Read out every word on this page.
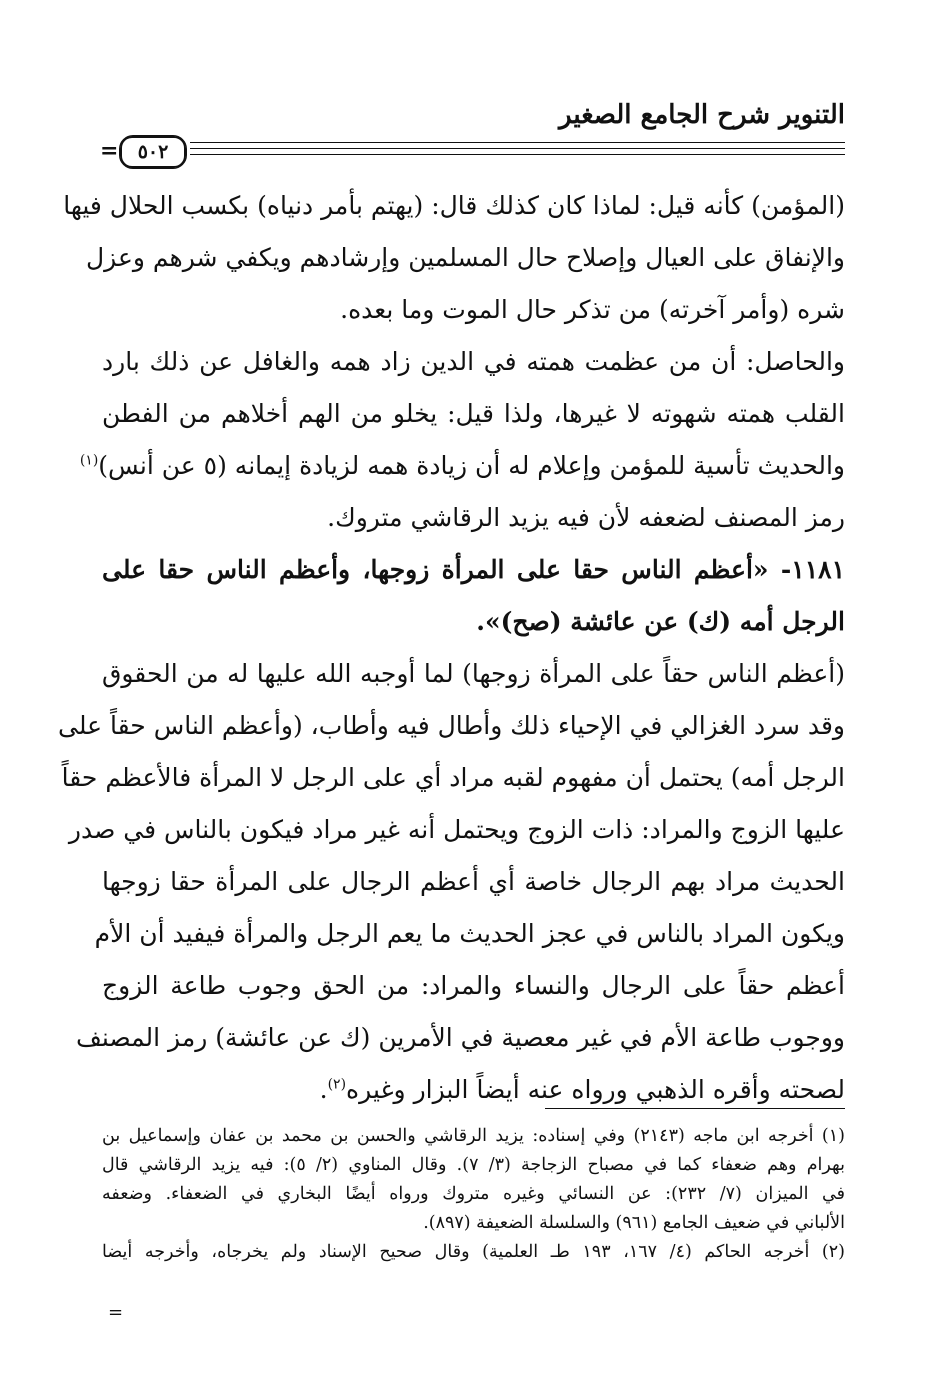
التنوير شرح الجامع الصغير
٥٠٢
=
(المؤمن) كأنه قيل: لماذا كان كذلك قال: (يهتم بأمر دنياه) بكسب الحلال فيها
والإنفاق على العيال وإصلاح حال المسلمين وإرشادهم ويكفي شرهم وعزل
شره (وأمر آخرته) من تذكر حال الموت وما بعده.
والحاصل: أن من عظمت همته في الدين زاد همه والغافل عن ذلك بارد
القلب همته شهوته لا غيرها، ولذا قيل: يخلو من الهم أخلاهم من الفطن
والحديث تأسية للمؤمن وإعلام له أن زيادة همه لزيادة إيمانه (٥ عن أنس)$^{(١)}$
رمز المصنف لضعفه لأن فيه يزيد الرقاشي متروك.
١١٨١- «أعظم الناس حقا على المرأة زوجها، وأعظم الناس حقا على
الرجل أمه (ك) عن عائشة (صح)».
(أعظم الناس حقاً على المرأة زوجها) لما أوجبه الله عليها له من الحقوق
وقد سرد الغزالي في الإحياء ذلك وأطال فيه وأطاب، (وأعظم الناس حقاً على
الرجل أمه) يحتمل أن مفهوم لقبه مراد أي على الرجل لا المرأة فالأعظم حقاً
عليها الزوج والمراد: ذات الزوج ويحتمل أنه غير مراد فيكون بالناس في صدر
الحديث مراد بهم الرجال خاصة أي أعظم الرجال على المرأة حقا زوجها
ويكون المراد بالناس في عجز الحديث ما يعم الرجل والمرأة فيفيد أن الأم
أعظم حقاً على الرجال والنساء والمراد: من الحق وجوب طاعة الزوج
ووجوب طاعة الأم في غير معصية في الأمرين (ك عن عائشة) رمز المصنف
لصحته وأقره الذهبي ورواه عنه أيضاً البزار وغيره$^{(٢)}$.
(١) أخرجه ابن ماجه (٢١٤٣) وفي إسناده: يزيد الرقاشي والحسن بن محمد بن عفان وإسماعيل بن
بهرام وهم ضعفاء كما في مصباح الزجاجة (٣/ ٧). وقال المناوي (٢/ ٥): فيه يزيد الرقاشي قال
في الميزان (٧/ ٢٣٢): عن النسائي وغيره متروك ورواه أيضًا البخاري في الضعفاء. وضعفه
الألباني في ضعيف الجامع (٩٦١) والسلسلة الضعيفة (٨٩٧).
(٢) أخرجه الحاكم (٤/ ١٦٧، ١٩٣ طـ العلمية) وقال صحيح الإسناد ولم يخرجاه، وأخرجه أيضا
=
